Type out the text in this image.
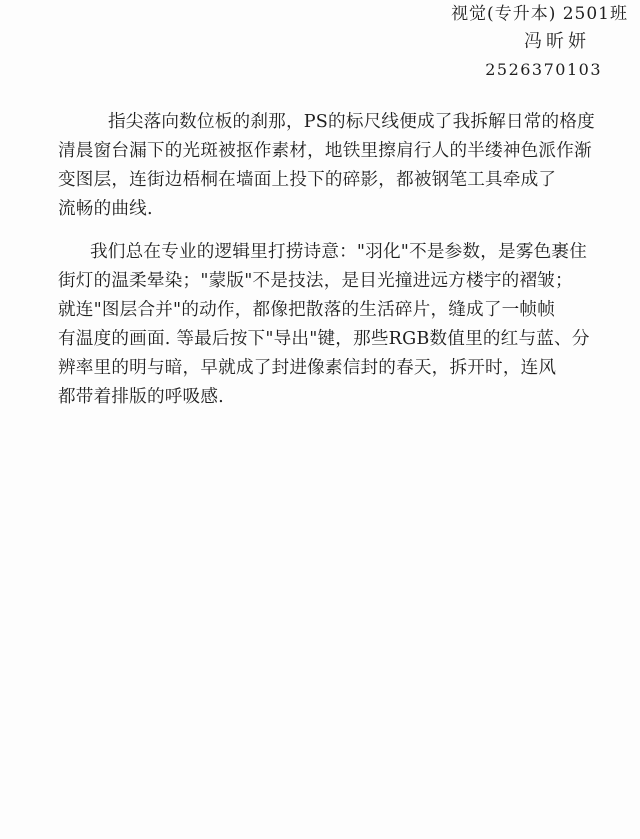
视觉(专升本) 2501班
冯昕妍
2526370103
指尖落向数位板的刹那，PS的标尺线便成了我拆解日常的格度
清晨窗台漏下的光斑被抠作素材，地铁里擦肩行人的半缕神色派作渐
变图层，连街边梧桐在墙面上投下的碎影，都被钢笔工具牵成了
流畅的曲线.
我们总在专业的逻辑里打捞诗意："羽化"不是参数，是雾色裹住
街灯的温柔晕染；"蒙版"不是技法，是目光撞进远方楼宇的褶皱；
就连"图层合并"的动作，都像把散落的生活碎片，缝成了一帧帧
有温度的画面. 等最后按下"导出"键，那些RGB数值里的红与蓝、分
辨率里的明与暗，早就成了封进像素信封的春天，拆开时，连风
都带着排版的呼吸感.
